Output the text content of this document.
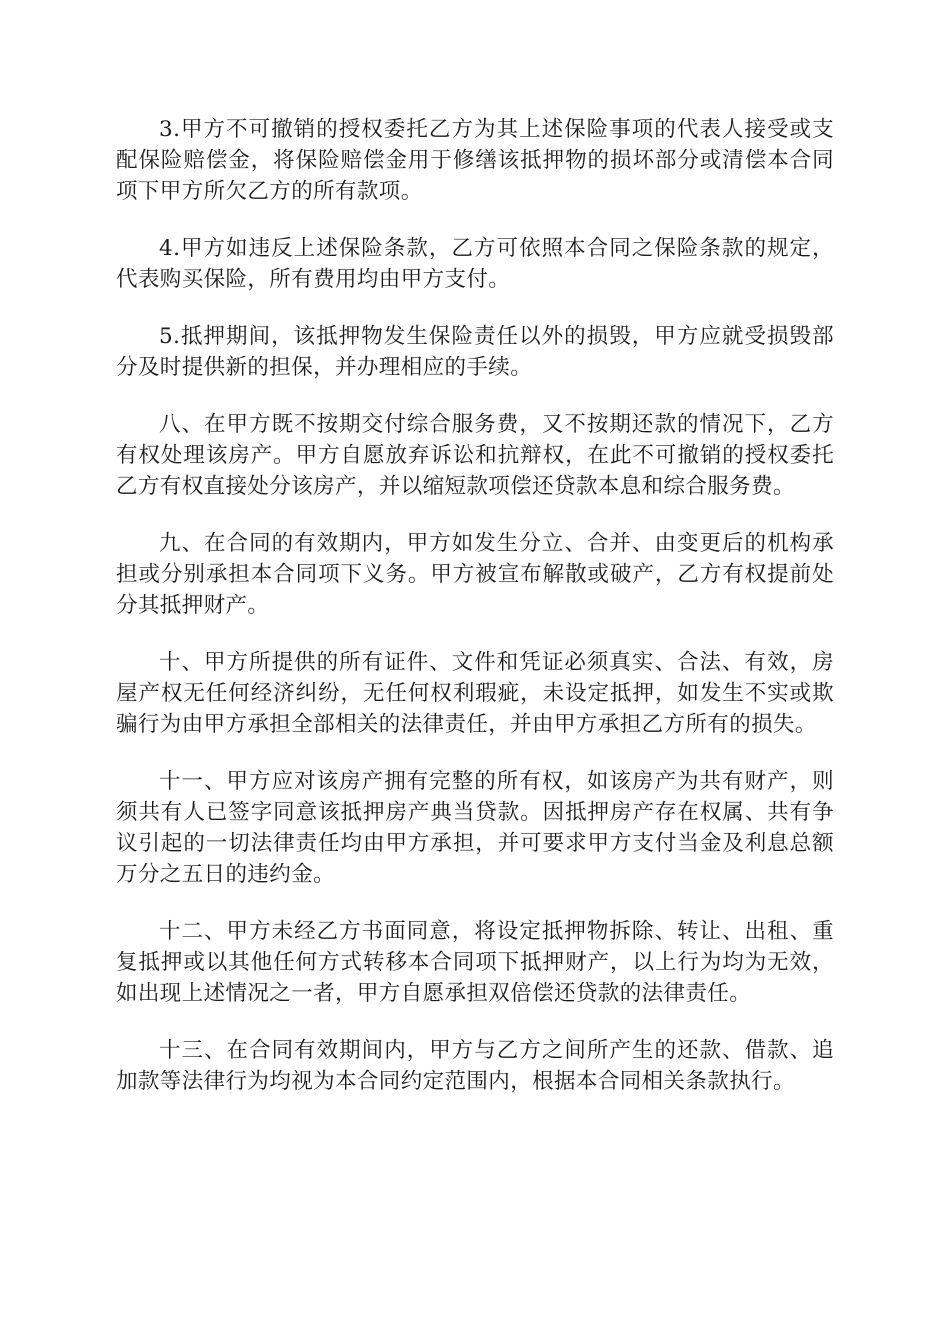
3.甲方不可撤销的授权委托乙方为其上述保险事项的代表人接受或支配保险赔偿金，将保险赔偿金用于修缮该抵押物的损坏部分或清偿本合同项下甲方所欠乙方的所有款项。

4.甲方如违反上述保险条款，乙方可依照本合同之保险条款的规定，代表购买保险，所有费用均由甲方支付。

5.抵押期间，该抵押物发生保险责任以外的损毁，甲方应就受损毁部分及时提供新的担保，并办理相应的手续。

八、在甲方既不按期交付综合服务费，又不按期还款的情况下，乙方有权处理该房产。甲方自愿放弃诉讼和抗辩权，在此不可撤销的授权委托乙方有权直接处分该房产，并以缩短款项偿还贷款本息和综合服务费。

九、在合同的有效期内，甲方如发生分立、合并、由变更后的机构承担或分别承担本合同项下义务。甲方被宣布解散或破产，乙方有权提前处分其抵押财产。

十、甲方所提供的所有证件、文件和凭证必须真实、合法、有效，房屋产权无任何经济纠纷，无任何权利瑕疵，未设定抵押，如发生不实或欺骗行为由甲方承担全部相关的法律责任，并由甲方承担乙方所有的损失。

十一、甲方应对该房产拥有完整的所有权，如该房产为共有财产，则须共有人已签字同意该抵押房产典当贷款。因抵押房产存在权属、共有争议引起的一切法律责任均由甲方承担，并可要求甲方支付当金及利息总额万分之五日的违约金。

十二、甲方未经乙方书面同意，将设定抵押物拆除、转让、出租、重复抵押或以其他任何方式转移本合同项下抵押财产，以上行为均为无效，如出现上述情况之一者，甲方自愿承担双倍偿还贷款的法律责任。

十三、在合同有效期间内，甲方与乙方之间所产生的还款、借款、追加款等法律行为均视为本合同约定范围内，根据本合同相关条款执行。
